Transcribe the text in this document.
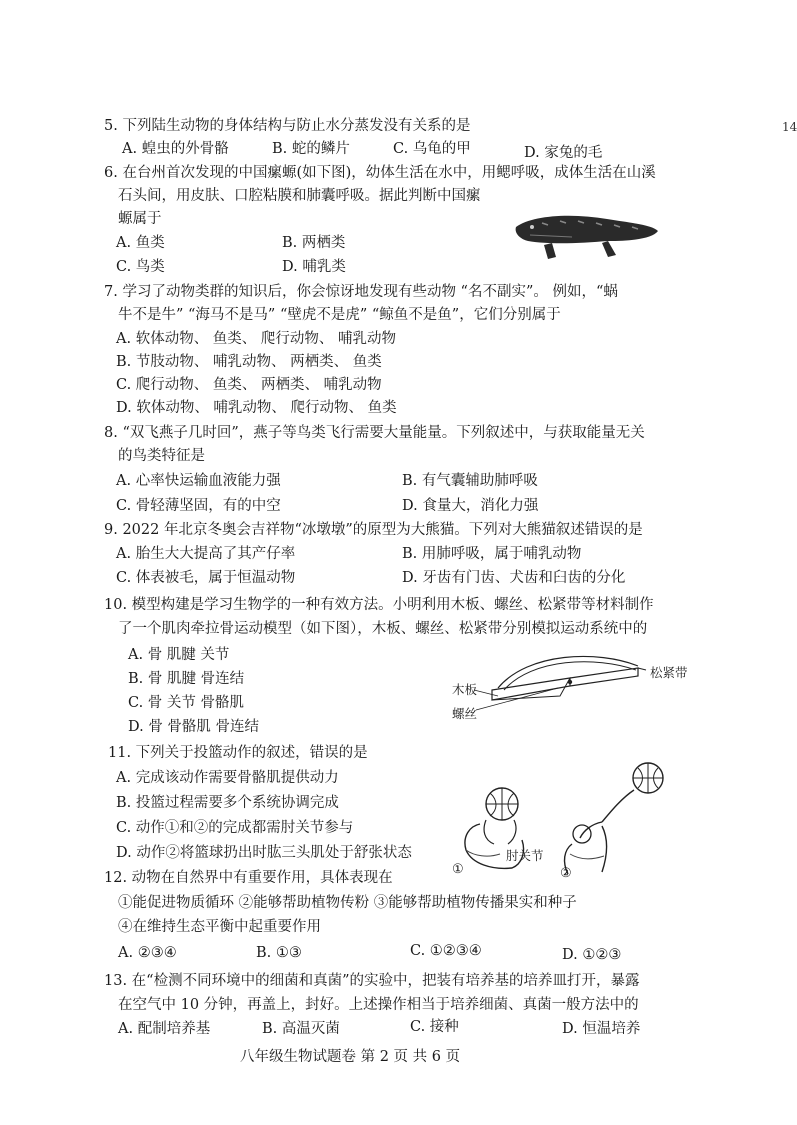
14
5. 下列陆生动物的身体结构与防止水分蒸发没有关系的是
A. 蝗虫的外骨骼	B. 蛇的鳞片	C. 乌龟的甲	D. 家兔的毛
6. 在台州首次发现的中国瘰螈(如下图)，幼体生活在水中，用鳃呼吸，成体生活在山溪
石头间，用皮肤、口腔粘膜和肺囊呼吸。据此判断中国瘰
螈属于
A. 鱼类	B. 两栖类
C. 鸟类	D. 哺乳类
7. 学习了动物类群的知识后，你会惊讶地发现有些动物 “名不副实”。 例如，“蜗
牛不是牛” “海马不是马” “壁虎不是虎” “鲸鱼不是鱼”，它们分别属于
A. 软体动物、 鱼类、 爬行动物、 哺乳动物
B. 节肢动物、 哺乳动物、 两栖类、 鱼类
C. 爬行动物、 鱼类、 两栖类、 哺乳动物
D. 软体动物、 哺乳动物、 爬行动物、 鱼类
8. “双飞燕子几时回”，燕子等鸟类飞行需要大量能量。下列叙述中，与获取能量无关
的鸟类特征是
A. 心率快运输血液能力强	B. 有气囊辅助肺呼吸
C. 骨轻薄坚固，有的中空	D. 食量大，消化力强
9. 2022 年北京冬奥会吉祥物“冰墩墩”的原型为大熊猫。下列对大熊猫叙述错误的是
A. 胎生大大提高了其产仔率	B. 用肺呼吸，属于哺乳动物
C. 体表被毛，属于恒温动物	D. 牙齿有门齿、犬齿和臼齿的分化
10. 模型构建是学习生物学的一种有效方法。小明利用木板、螺丝、松紧带等材料制作
了一个肌肉牵拉骨运动模型（如下图），木板、螺丝、松紧带分别模拟运动系统中的
A. 骨 肌腱 关节
B. 骨 肌腱 骨连结
C. 骨 关节 骨骼肌
D. 骨 骨骼肌 骨连结
木板
螺丝
松紧带
11. 下列关于投篮动作的叙述，错误的是
A. 完成该动作需要骨骼肌提供动力
B. 投篮过程需要多个系统协调完成
C. 动作①和②的完成都需肘关节参与
D. 动作②将篮球扔出时肱三头肌处于舒张状态
①	②
肘关节
12. 动物在自然界中有重要作用，具体表现在
①能促进物质循环 ②能够帮助植物传粉 ③能够帮助植物传播果实和种子
④在维持生态平衡中起重要作用
A. ②③④	B. ①③	C. ①②③④	D. ①②③
13. 在“检测不同环境中的细菌和真菌”的实验中，把装有培养基的培养皿打开，暴露
在空气中 10 分钟，再盖上，封好。上述操作相当于培养细菌、真菌一般方法中的
A. 配制培养基	B. 高温灭菌	C. 接种	D. 恒温培养
八年级生物试题卷 第 2 页 共 6 页
